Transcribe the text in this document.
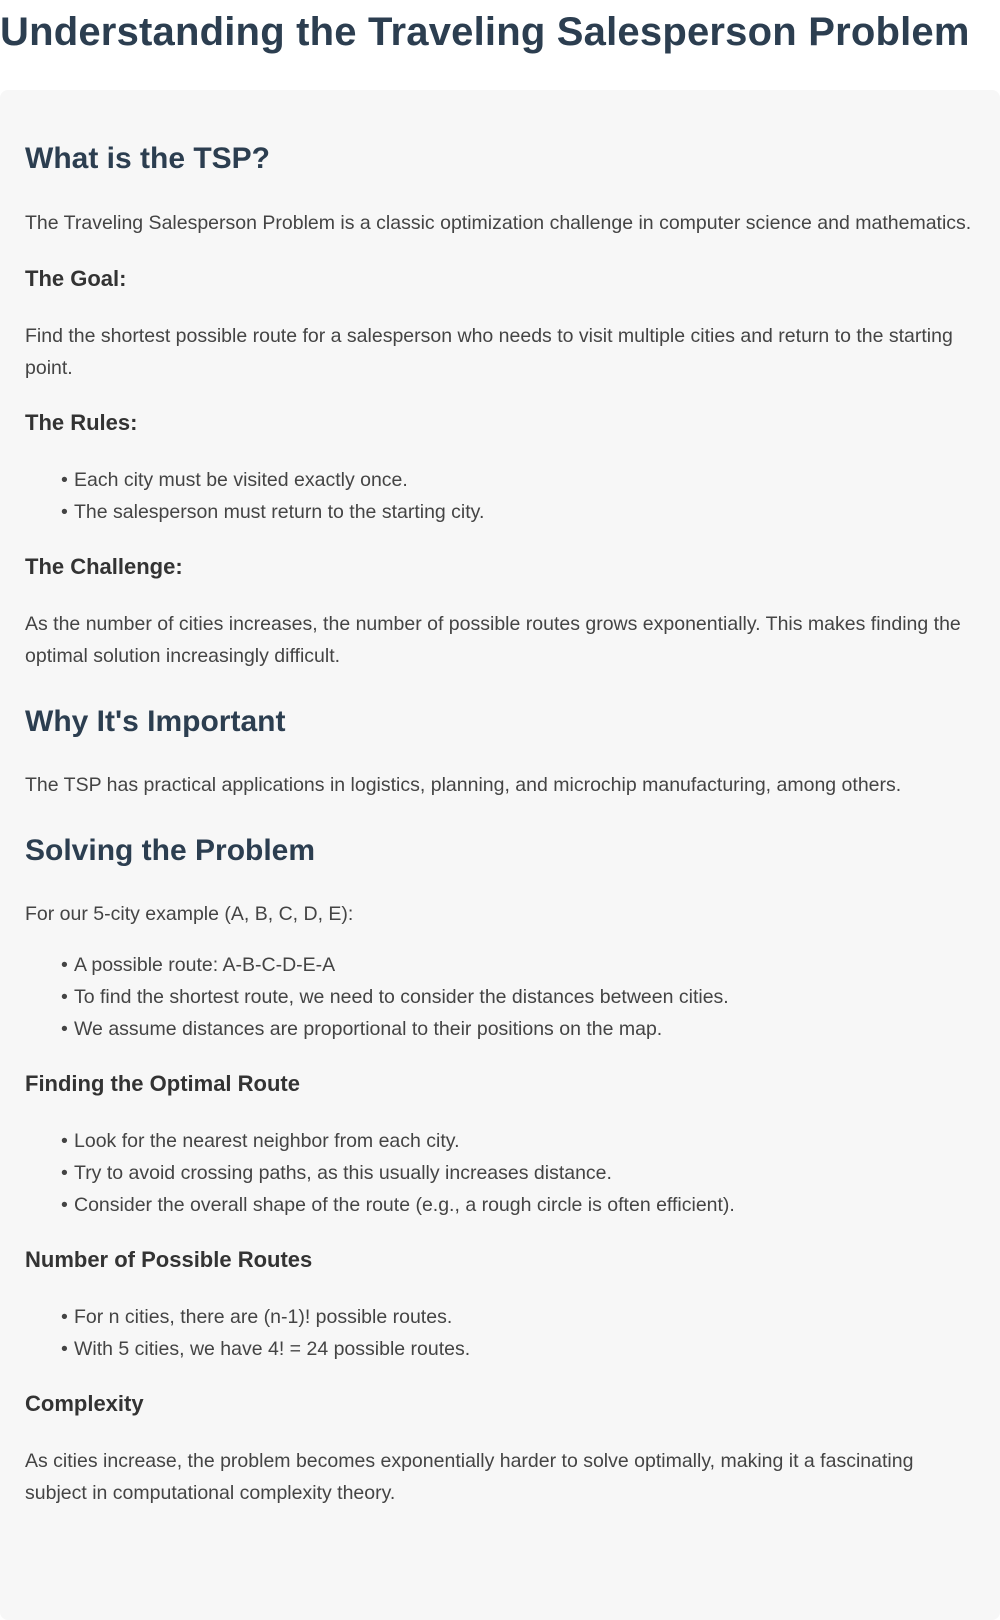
Understanding the Traveling Salesperson Problem
What is the TSP?

The Traveling Salesperson Problem is a classic optimization challenge in computer science and mathematics.

The Goal:

Find the shortest possible route for a salesperson who needs to visit multiple cities and return to the starting point.

The Rules:
• Each city must be visited exactly once.
• The salesperson must return to the starting city.
The Challenge:

As the number of cities increases, the number of possible routes grows exponentially. This makes finding the optimal solution increasingly difficult.

Why It's Important

The TSP has practical applications in logistics, planning, and microchip manufacturing, among others.

Solving the Problem

For our 5-city example (A, B, C, D, E):

• A possible route: A-B-C-D-E-A
• To find the shortest route, we need to consider the distances between cities.
• We assume distances are proportional to their positions on the map.
Finding the Optimal Route
• Look for the nearest neighbor from each city.
• Try to avoid crossing paths, as this usually increases distance.
• Consider the overall shape of the route (e.g., a rough circle is often efficient).
Number of Possible Routes
• For n cities, there are (n-1)! possible routes.
• With 5 cities, we have 4! = 24 possible routes.
Complexity

As cities increase, the problem becomes exponentially harder to solve optimally, making it a fascinating subject in computational complexity theory.
